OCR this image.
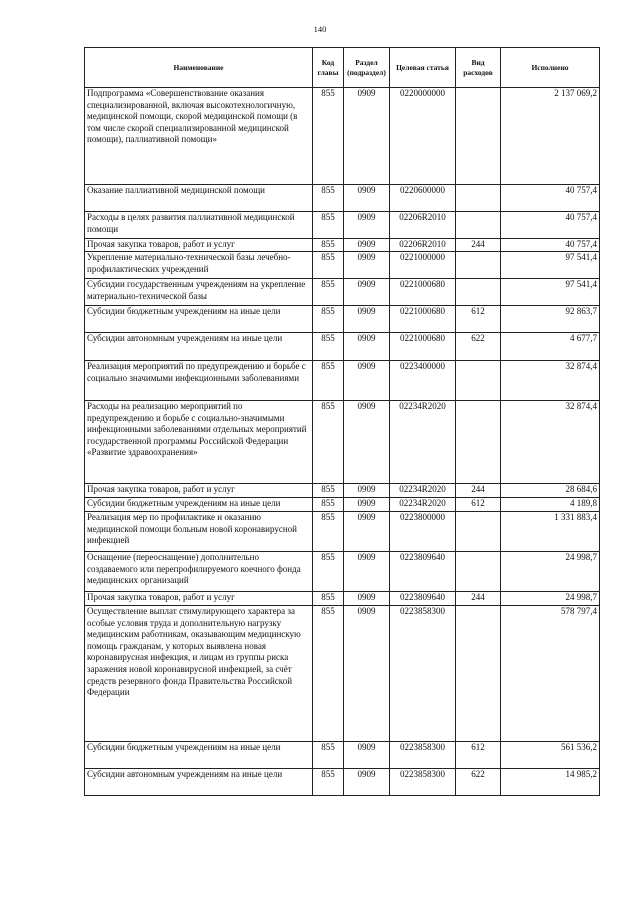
140
Наименование	Код главы	Раздел (подраздел)	Целевая статья	Вид расходов	Исполнено
Подпрограмма «Совершенствование оказания специализированной, включая высокотехнологичную, медицинской помощи, скорой медицинской помощи (в том числе скорой специализированной медицинской помощи), паллиативной помощи»	855	0909	0220000000		2 137 069,2
Оказание паллиативной медицинской помощи	855	0909	0220600000		40 757,4
Расходы в целях развития паллиативной медицинской помощи	855	0909	02206R2010		40 757,4
Прочая закупка товаров, работ и услуг	855	0909	02206R2010	244	40 757,4
Укрепление материально-технической базы лечебно-профилактических учреждений	855	0909	0221000000		97 541,4
Субсидии государственным учреждениям на укрепление материально-технической базы	855	0909	0221000680		97 541,4
Субсидии бюджетным учреждениям на иные цели	855	0909	0221000680	612	92 863,7
Субсидии автономным учреждениям на иные цели	855	0909	0221000680	622	4 677,7
Реализация мероприятий по предупреждению и борьбе с социально значимыми инфекционными заболеваниями	855	0909	0223400000		32 874,4
Расходы на реализацию мероприятий по предупреждению и борьбе с социально-значимыми инфекционными заболеваниями отдельных мероприятий государственной программы Российской Федерации «Развитие здравоохранения»	855	0909	02234R2020		32 874,4
Прочая закупка товаров, работ и услуг	855	0909	02234R2020	244	28 684,6
Субсидии бюджетным учреждениям на иные цели	855	0909	02234R2020	612	4 189,8
Реализация мер по профилактике и оказанию медицинской помощи больным новой коронавирусной инфекцией	855	0909	0223800000		1 331 883,4
Оснащение (переоснащение) дополнительно создаваемого или перепрофилируемого коечного фонда медицинских организаций	855	0909	0223809640		24 998,7
Прочая закупка товаров, работ и услуг	855	0909	0223809640	244	24 998,7
Осуществление выплат стимулирующего характера за особые условия труда и дополнительную нагрузку медицинским работникам, оказывающим медицинскую помощь гражданам, у которых выявлена новая коронавирусная инфекция, и лицам из группы риска заражения новой коронавирусной инфекцией, за счёт средств резервного фонда Правительства Российской Федерации	855	0909	0223858300		578 797,4
Субсидии бюджетным учреждениям на иные цели	855	0909	0223858300	612	561 536,2
Субсидии автономным учреждениям на иные цели	855	0909	0223858300	622	14 985,2
